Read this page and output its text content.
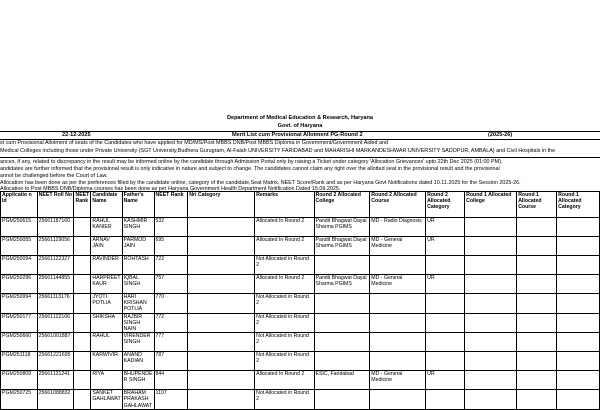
Department of Medical Education & Research, Haryana
Govt. of Haryana
22-12-2025	Merit List cum Provisional Allotment PG-Round 2	(2025-26)
st cum Provisional Allotment of seats of the Candidates who have applied for MD/MS/Post MBBS DNB/Post MBBS Diploma in Government/Government Aided and
Medical Colleges including those under Private University (SGT University,Budhera Gurugram, Al-Falah UNIVERSITY FARIDABAD and MAHARISHI MARKANDESHWAR UNIVERSITY SADOPUR, AMBALA) and Civil Hospitals in the
ances, if any, related to discrepancy in the result may be informed online by the candidate through Admission Portal only by raising a Ticket under category 'Allocation Grievances' upto 22th Dec 2025 (01:00 PM).
andidates are further informed that the provisional result is only indicative in nature and subject to change. The candidates cannot claim any right over the allotted seat in the provisional result and the provisional
annot be challenged before the Court of Law.
Allocation has been done as per the preferences filled by the candidate online, category of the candidate,Seat Matrix, NEET Score/Rank and as per Haryana Govt Notifications dated 10.11.2025 for the Session 2025-26.
Allocation to Post MBBS DNB/Diploma courses has been done as per Haryana Government Health Department Notification Dated 15.09.2025.
Applicatio n Id	NEET Roll No	NEET Rank	Candidate Name	Father's Name	NEET Rank	Nri Category	Remarks	Round 2 Allocated College	Round 2 Allocated Course	Round 2 Allocated Category	Round 1 Allocated College	Round 1 Allocated Course	Round 1 Allocated Category
PGM250615	25661187160		RAHUL KANIER	KASHMIR SINGH	532		Allocated In Round 2	Pandit Bhagwat Dayal Sharma PGIMS	MD - Radio Diagnosis	UR			
PGM250055	25661129056		ARNAV JAIN	PARMOD JAIN	695		Allocated In Round 2	Pandit Bhagwat Dayal Sharma PGIMS	MD - General Medicine	UR			
PGM250094	25661122327		RAVINDER	ROHTASH	722		Not Allocated in Round 2						
PGM250296	25661144855		HARPREET KAUR	IQBAL SINGH	757		Allocated In Round 2	Pandit Bhagwat Dayal Sharma PGIMS	MD - General Medicine	UR			
PGM250994	25661113176		JYOTI POTLIA	HARI KRISHAN POTLIA	770		Not Allocated in Round 2						
PGM250177	25661122166		SHIKSHA	RAJBIR SINGH NAIN	772		Not Allocated in Round 2						
PGM250660	25661001887		RAHUL	VIRENDER SINGH	777		Not Allocated in Round 2						
PGM251118	25661221695		KARWIVIR	ANAND KADIAN	787		Not Allocated in Round 2						
PGM250809	25661131241		RIYA	BHUPENDE R SINGH	844		Allocated In Round 2	ESIC, Faridabad	MD - General Medicine	UR			
PGM250725	25661088832		SANKET GAHLAWAT	BRAHAM PRAKASH GAHLAWAT	1107		Not Allocated in Round 2						
